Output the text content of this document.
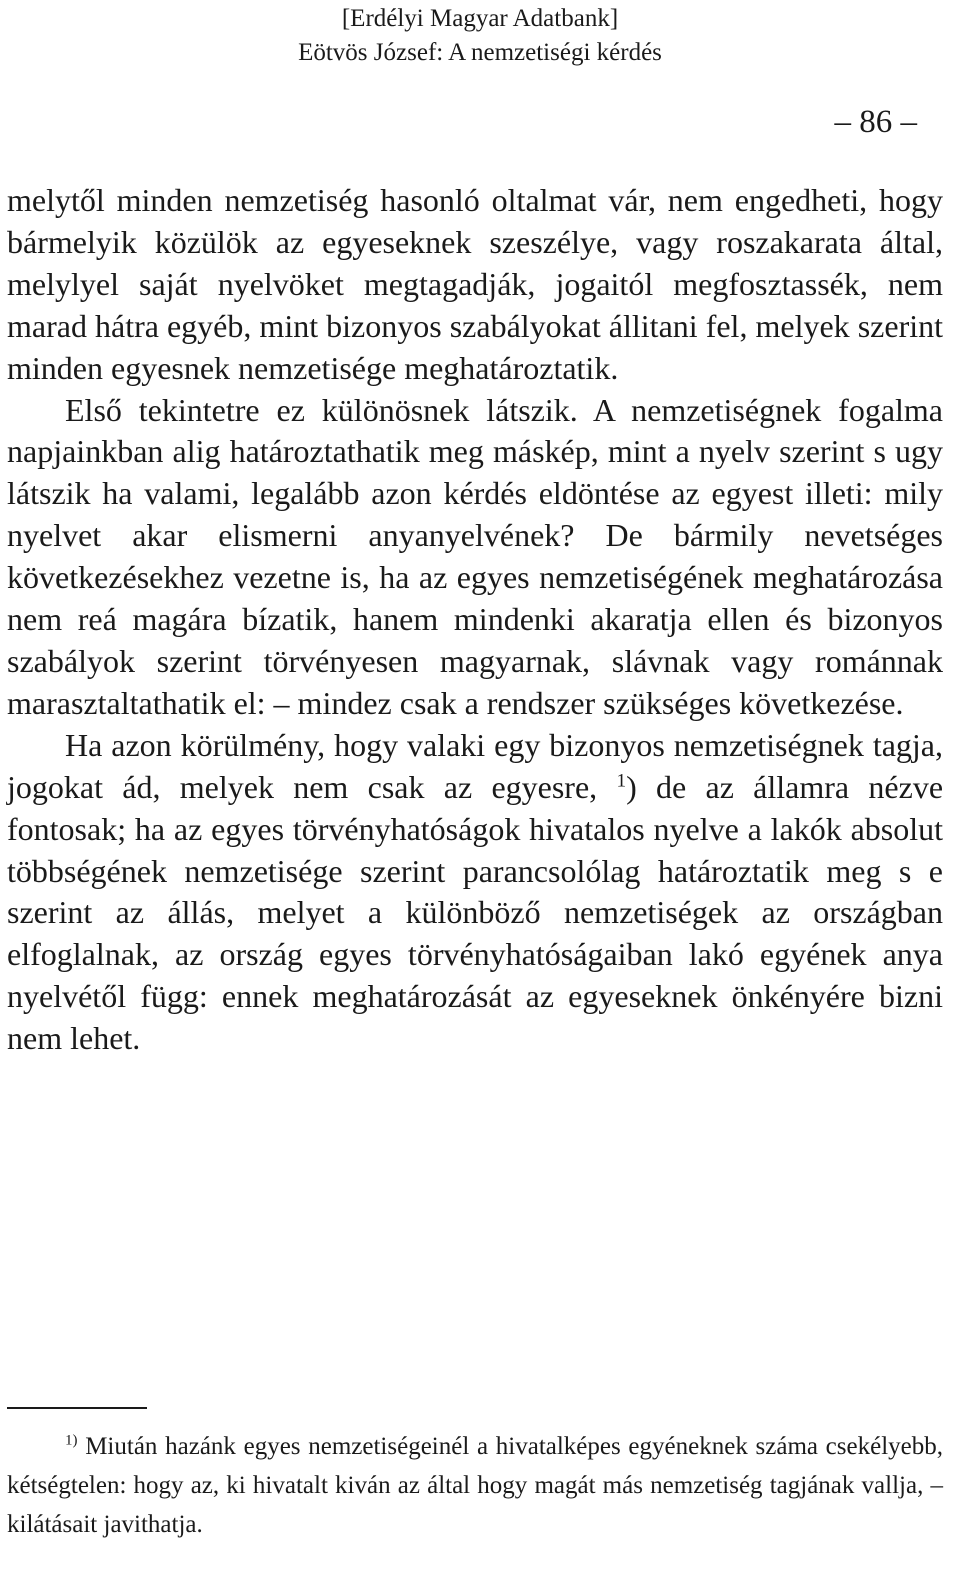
[Erdélyi Magyar Adatbank]
Eötvös József: A nemzetiségi kérdés
– 86 –

melytől minden nemzetiség hasonló oltalmat vár, nem engedheti, hogy bármelyik közülök az egyeseknek szeszélye, vagy roszakarata által, melylyel saját nyelvöket megtagadják, jogaitól megfosztassék, nem marad hátra egyéb, mint bizonyos szabályokat állitani fel, melyek szerint minden egyesnek nemzetisége meghatároztatik.

Első tekintetre ez különösnek látszik. A nemzetiségnek fogalma napjainkban alig határoztathatik meg máskép, mint a nyelv szerint s ugy látszik ha valami, legalább azon kérdés eldöntése az egyest illeti: mily nyelvet akar elismerni anyanyelvének? De bármily nevetséges következésekhez vezetne is, ha az egyes nemzetiségének meghatározása nem reá magára bízatik, hanem mindenki akaratja ellen és bizonyos szabályok szerint törvényesen magyarnak, slávnak vagy románnak marasztaltathatik el: – mindez csak a rendszer szükséges következése.

Ha azon körülmény, hogy valaki egy bizonyos nemzetiségnek tagja, jogokat ád, melyek nem csak az egyesre, $^1$) de az államra nézve fontosak; ha az egyes törvényhatóságok hivatalos nyelve a lakók absolut többségének nemzetisége szerint parancsolólag határoztatik meg s e szerint az állás, melyet a különböző nemzetiségek az országban elfoglalnak, az ország egyes törvényhatóságaiban lakó egyének anya nyelvétől függ: ennek meghatározását az egyeseknek önkényére bizni nem lehet.

$^{1)}$ Miután hazánk egyes nemzetiségeinél a hivatalképes egyéneknek száma csekélyebb, kétségtelen: hogy az, ki hivatalt kiván az által hogy magát más nemzetiség tagjának vallja, – kilátásait javithatja.
